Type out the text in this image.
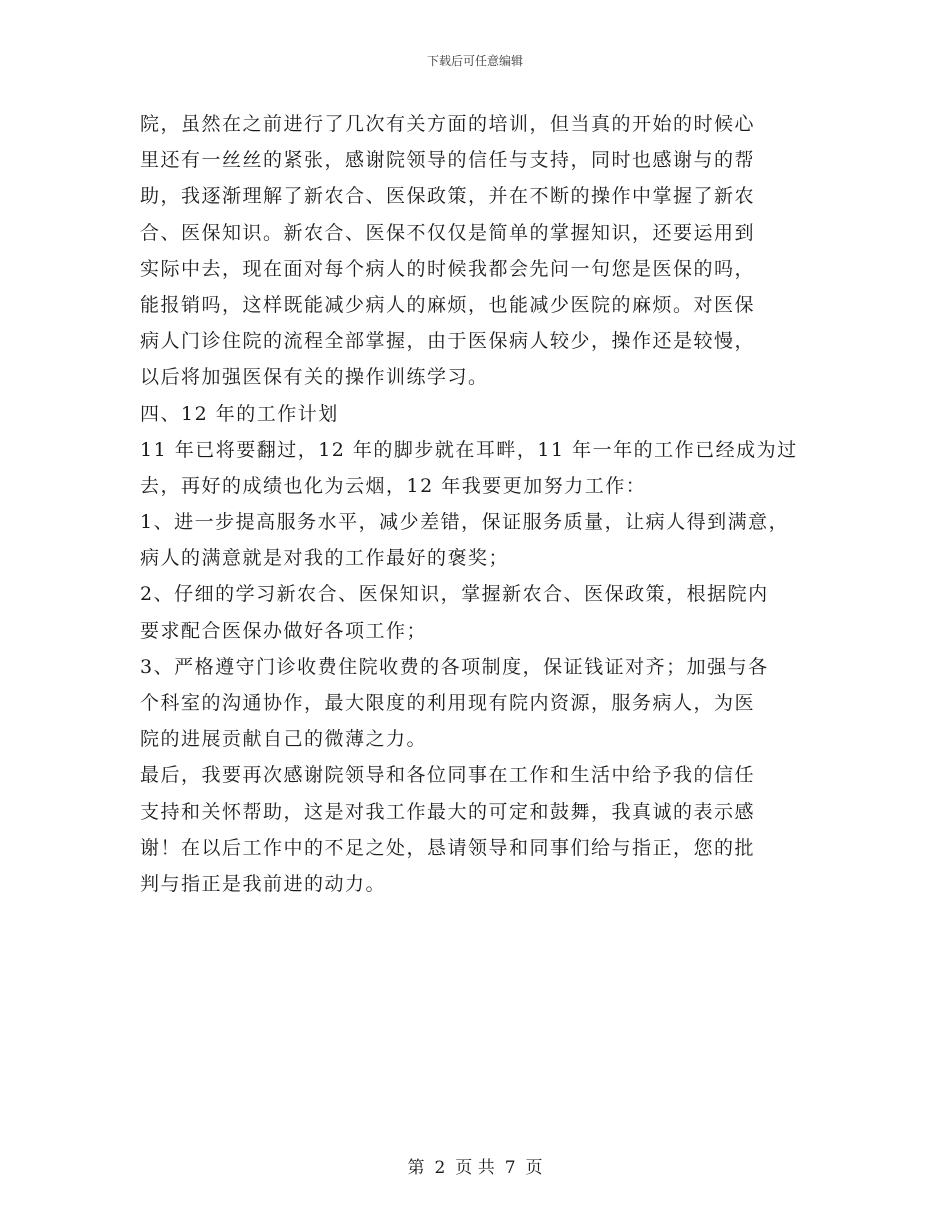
下载后可任意编辑
院，虽然在之前进行了几次有关方面的培训，但当真的开始的时候心
里还有一丝丝的紧张，感谢院领导的信任与支持，同时也感谢与的帮
助，我逐渐理解了新农合、医保政策，并在不断的操作中掌握了新农
合、医保知识。新农合、医保不仅仅是简单的掌握知识，还要运用到
实际中去，现在面对每个病人的时候我都会先问一句您是医保的吗，
能报销吗，这样既能减少病人的麻烦，也能减少医院的麻烦。对医保
病人门诊住院的流程全部掌握，由于医保病人较少，操作还是较慢，
以后将加强医保有关的操作训练学习。
四、12 年的工作计划
11 年已将要翻过，12 年的脚步就在耳畔，11 年一年的工作已经成为过
去，再好的成绩也化为云烟，12 年我要更加努力工作：
1、进一步提高服务水平，减少差错，保证服务质量，让病人得到满意，
病人的满意就是对我的工作最好的褒奖；
2、仔细的学习新农合、医保知识，掌握新农合、医保政策，根据院内
要求配合医保办做好各项工作；
3、严格遵守门诊收费住院收费的各项制度，保证钱证对齐；加强与各
个科室的沟通协作，最大限度的利用现有院内资源，服务病人，为医
院的进展贡献自己的微薄之力。
最后，我要再次感谢院领导和各位同事在工作和生活中给予我的信任
支持和关怀帮助，这是对我工作最大的可定和鼓舞，我真诚的表示感
谢！在以后工作中的不足之处，恳请领导和同事们给与指正，您的批
判与指正是我前进的动力。
第 2 页 共 7 页
